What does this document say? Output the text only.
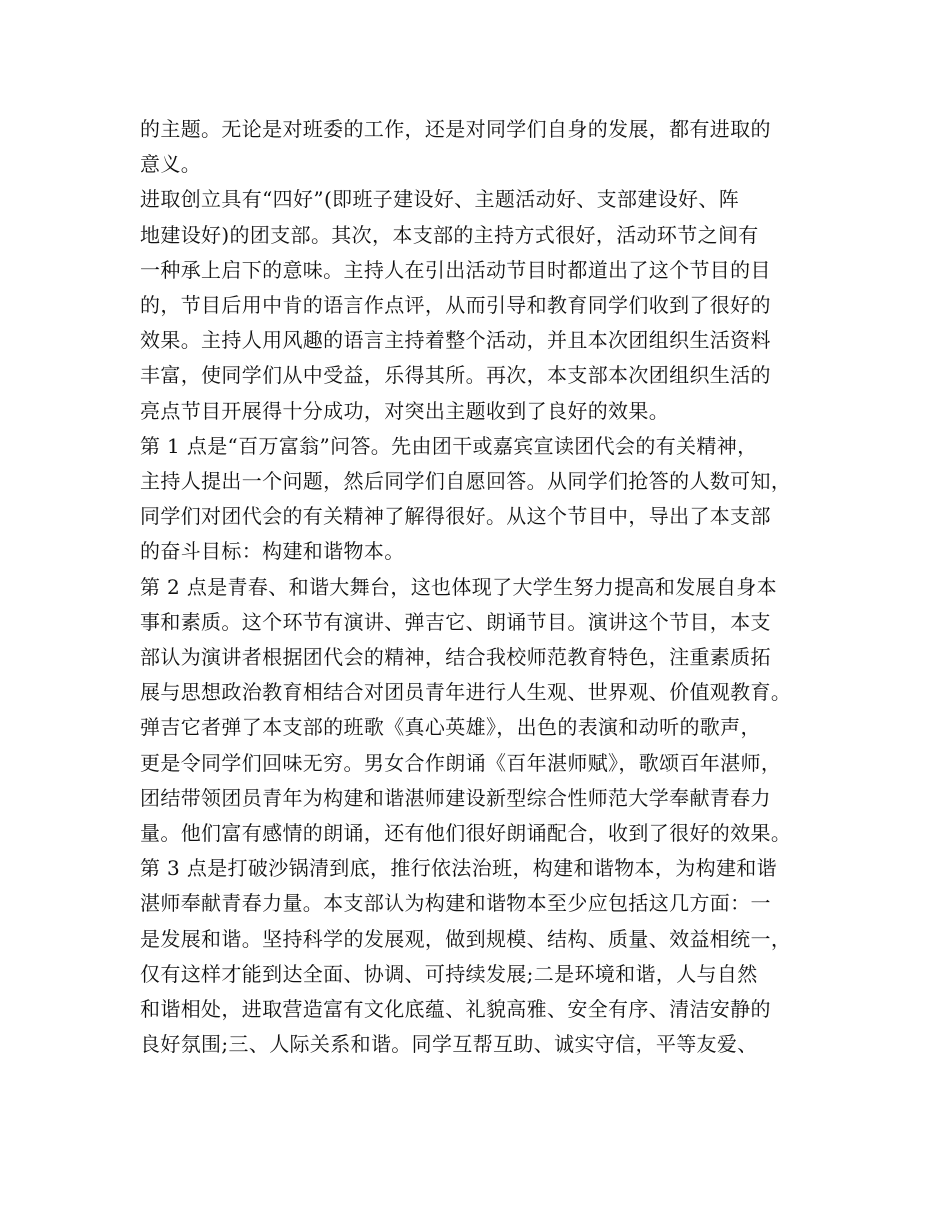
的主题。无论是对班委的工作，还是对同学们自身的发展，都有进取的
意义。
进取创立具有“四好”(即班子建设好、主题活动好、支部建设好、阵
地建设好)的团支部。其次，本支部的主持方式很好，活动环节之间有
一种承上启下的意味。主持人在引出活动节目时都道出了这个节目的目
的，节目后用中肯的语言作点评，从而引导和教育同学们收到了很好的
效果。主持人用风趣的语言主持着整个活动，并且本次团组织生活资料
丰富，使同学们从中受益，乐得其所。再次，本支部本次团组织生活的
亮点节目开展得十分成功，对突出主题收到了良好的效果。
第 1 点是“百万富翁”问答。先由团干或嘉宾宣读团代会的有关精神，
主持人提出一个问题，然后同学们自愿回答。从同学们抢答的人数可知，
同学们对团代会的有关精神了解得很好。从这个节目中，导出了本支部
的奋斗目标：构建和谐物本。
第 2 点是青春、和谐大舞台，这也体现了大学生努力提高和发展自身本
事和素质。这个环节有演讲、弹吉它、朗诵节目。演讲这个节目，本支
部认为演讲者根据团代会的精神，结合我校师范教育特色，注重素质拓
展与思想政治教育相结合对团员青年进行人生观、世界观、价值观教育。
弹吉它者弹了本支部的班歌《真心英雄》，出色的表演和动听的歌声，
更是令同学们回味无穷。男女合作朗诵《百年湛师赋》，歌颂百年湛师，
团结带领团员青年为构建和谐湛师建设新型综合性师范大学奉献青春力
量。他们富有感情的朗诵，还有他们很好朗诵配合，收到了很好的效果。
第 3 点是打破沙锅清到底，推行依法治班，构建和谐物本，为构建和谐
湛师奉献青春力量。本支部认为构建和谐物本至少应包括这几方面：一
是发展和谐。坚持科学的发展观，做到规模、结构、质量、效益相统一，
仅有这样才能到达全面、协调、可持续发展;二是环境和谐，人与自然
和谐相处，进取营造富有文化底蕴、礼貌高雅、安全有序、清洁安静的
良好氛围;三、人际关系和谐。同学互帮互助、诚实守信，平等友爱、
